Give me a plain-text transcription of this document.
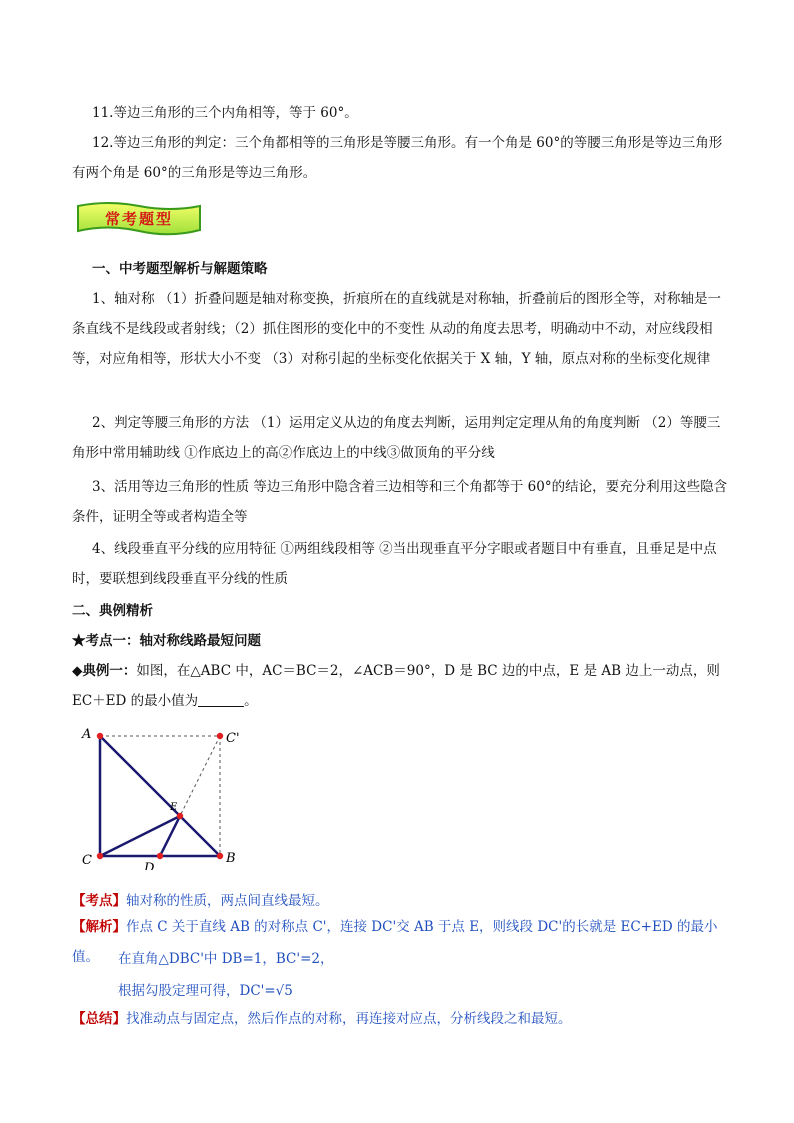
11.等边三角形的三个内角相等，等于 60°。

12.等边三角形的判定：三个角都相等的三角形是等腰三角形。有一个角是 60°的等腰三角形是等边三角形有两个角是 60°的三角形是等边三角形。

常考题型

一、中考题型解析与解题策略

1、轴对称 （1）折叠问题是轴对称变换，折痕所在的直线就是对称轴，折叠前后的图形全等，对称轴是一条直线不是线段或者射线；（2）抓住图形的变化中的不变性 从动的角度去思考，明确动中不动，对应线段相等，对应角相等，形状大小不变 （3）对称引起的坐标变化依据关于 X 轴，Y 轴，原点对称的坐标变化规律

2、判定等腰三角形的方法 （1）运用定义从边的角度去判断，运用判定定理从角的角度判断 （2）等腰三角形中常用辅助线 ①作底边上的高②作底边上的中线③做顶角的平分线

3、活用等边三角形的性质 等边三角形中隐含着三边相等和三个角都等于 60°的结论，要充分利用这些隐含条件，证明全等或者构造全等

4、线段垂直平分线的应用特征 ①两组线段相等 ②当出现垂直平分字眼或者题目中有垂直，且垂足是中点时，要联想到线段垂直平分线的性质

二、典例精析

★考点一：轴对称线路最短问题

◆典例一：如图，在△ABC 中，AC＝BC＝2，∠ACB＝90°，D 是 BC 边的中点，E 是 AB 边上一动点，则 EC＋ED 的最小值为	。

A	C'
E
C
D
B

【考点】轴对称的性质，两点间直线最短。

【解析】作点 C 关于直线 AB 的对称点 C'，连接 DC'交 AB 于点 E，则线段 DC'的长就是 EC+ED 的最小值。	在直角△DBC'中 DB=1，BC'=2，

根据勾股定理可得，DC'=√5

【总结】找准动点与固定点，然后作点的对称，再连接对应点，分析线段之和最短。
